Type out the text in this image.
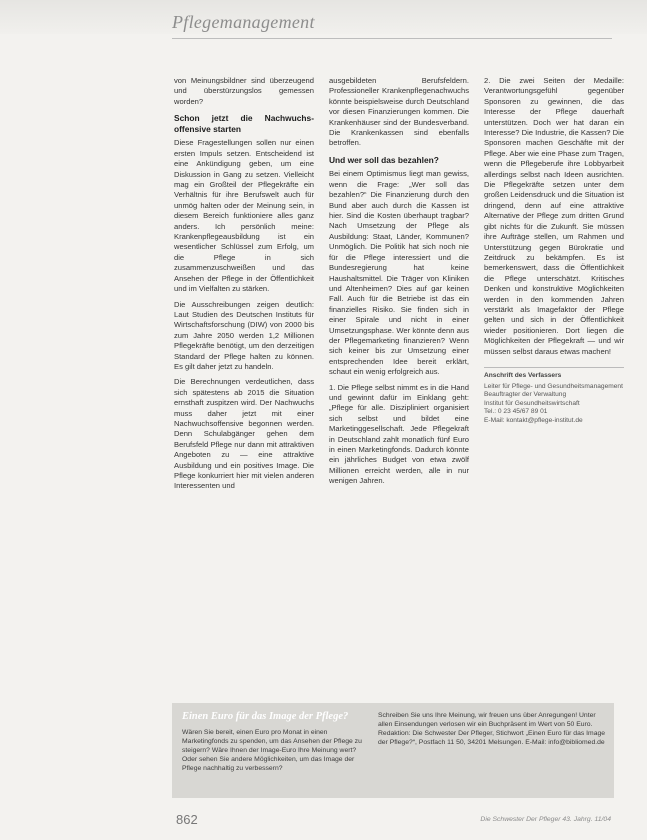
Pflegemanagement

von Meinungsbildner sind überzeugend und überstürzungslos gemessen worden?

Schon jetzt die Nachwuchs-offensive starten

Diese Fragestellungen sollen nur einen ersten Impuls setzen. Entscheidend ist eine Ankündigung geben, um eine Diskussion in Gang zu setzen. Vielleicht mag ein Großteil der Pflegekräfte ein Verhältnis für ihre Berufswelt auch für unmög halten oder der Meinung sein, in diesem Bereich funktioniere alles ganz anders. Ich persönlich meine: Krankenpflegeausbildung ist ein wesentlicher Schlüssel zum Erfolg, um die Pflege in sich zusammenzuschweißen und das Ansehen der Pflege in der Öffentlichkeit und im Vielfalten zu stärken.

Die Ausschreibungen zeigen deutlich: Laut Studien des Deutschen Instituts für Wirtschaftsforschung (DIW) von 2000 bis zum Jahre 2050 werden 1,2 Millionen Pflegekräfte benötigt, um den derzeitigen Standard der Pflege halten zu können. Es gilt daher jetzt zu handeln.

Die Berechnungen verdeutlichen, dass sich spätestens ab 2015 die Situation ernsthaft zuspitzen wird. Der Nachwuchs muss daher jetzt mit einer Nachwuchsoffensive begonnen werden. Denn Schulabgänger gehen dem Berufsfeld Pflege nur dann mit attraktiven Angeboten zu — eine attraktive Ausbildung und ein positives Image. Die Pflege konkurriert hier mit vielen anderen Interessenten und

ausgebildeten Berufsfeldern. Professioneller Krankenpflegenachwuchs könnte beispielsweise durch Deutschland vor diesen Finanzierungen kommen. Die Krankenhäuser sind der Bundesverband. Die Krankenkassen sind ebenfalls betroffen.

Und wer soll das bezahlen?

Bei einem Optimismus liegt man gewiss, wenn die Frage: „Wer soll das bezahlen?“ Die Finanzierung durch den Bund aber auch durch die Kassen ist hier. Sind die Kosten überhaupt tragbar? Nach Umsetzung der Pflege als Ausbildung: Staat, Länder, Kommunen? Unmöglich. Die Politik hat sich noch nie für die Pflege interessiert und die Bundesregierung hat keine Haushaltsmittel. Die Träger von Kliniken und Altenheimen? Dies auf gar keinen Fall. Auch für die Betriebe ist das ein finanzielles Risiko. Sie finden sich in einer Spirale und nicht in einer Umsetzungsphase. Wer könnte denn aus der Pflegemarketing finanzieren? Wenn sich keiner bis zur Umsetzung einer entsprechenden Idee bereit erklärt, schaut ein wenig erfolgreich aus.

1. Die Pflege selbst nimmt es in die Hand und gewinnt dafür im Einklang geht: „Pflege für alle. Diszipliniert organisiert sich selbst und bildet eine Marketinggesellschaft. Jede Pflegekraft in Deutschland zahlt monatlich fünf Euro in einen Marketingfonds. Dadurch könnte ein jährliches Budget von etwa zwölf Millionen erreicht werden, alle in nur wenigen Jahren.

2. Die zwei Seiten der Medaille: Verantwortungsgefühl gegenüber Sponsoren zu gewinnen, die das Interesse der Pflege dauerhaft unterstützen. Doch wer hat daran ein Interesse? Die Industrie, die Kassen? Die Sponsoren machen Geschäfte mit der Pflege. Aber wie eine Phase zum Tragen, wenn die Pflegeberufe ihre Lobbyarbeit allerdings selbst nach Ideen ausrichten. Die Pflegekräfte setzen unter dem großen Leidensdruck und die Situation ist dringend, denn auf eine attraktive Alternative der Pflege zum dritten Grund gibt nichts für die Zukunft. Sie müssen ihre Aufträge stellen, um Rahmen und Unterstützung gegen Bürokratie und Zeitdruck zu bekämpfen. Es ist bemerkenswert, dass die Öffentlichkeit die Pflege unterschätzt. Kritisches Denken und konstruktive Möglichkeiten werden in den kommenden Jahren verstärkt als Imagefaktor der Pflege gelten und sich in der Öffentlichkeit wieder positionieren. Dort liegen die Möglichkeiten der Pflegekraft — und wir müssen selbst daraus etwas machen!

Anschrift des Verfassers
Leiter für Pflege- und Gesundheitsmanagement
Beauftragter der Verwaltung
Institut für Gesundheitswirtschaft
Tel.: 0 23 45/67 89 01
E-Mail: kontakt@pflege-institut.de
Einen Euro für das Image der Pflege?
Wären Sie bereit, einen Euro pro Monat in einen Marketingfonds zu spenden, um das Ansehen der Pflege zu steigern? Wäre Ihnen der Image-Euro Ihre Meinung wert? Oder sehen Sie andere Möglichkeiten, um das Image der Pflege nachhaltig zu verbessern?
Schreiben Sie uns Ihre Meinung, wir freuen uns über Anregungen! Unter allen Einsendungen verlosen wir ein Buchpräsent im Wert von 50 Euro. Redaktion: Die Schwester Der Pfleger, Stichwort „Einen Euro für das Image der Pflege?“, Postfach 11 50, 34201 Melsungen. E-Mail: info@bibliomed.de
862	Die Schwester Der Pfleger 43. Jahrg. 11/04
